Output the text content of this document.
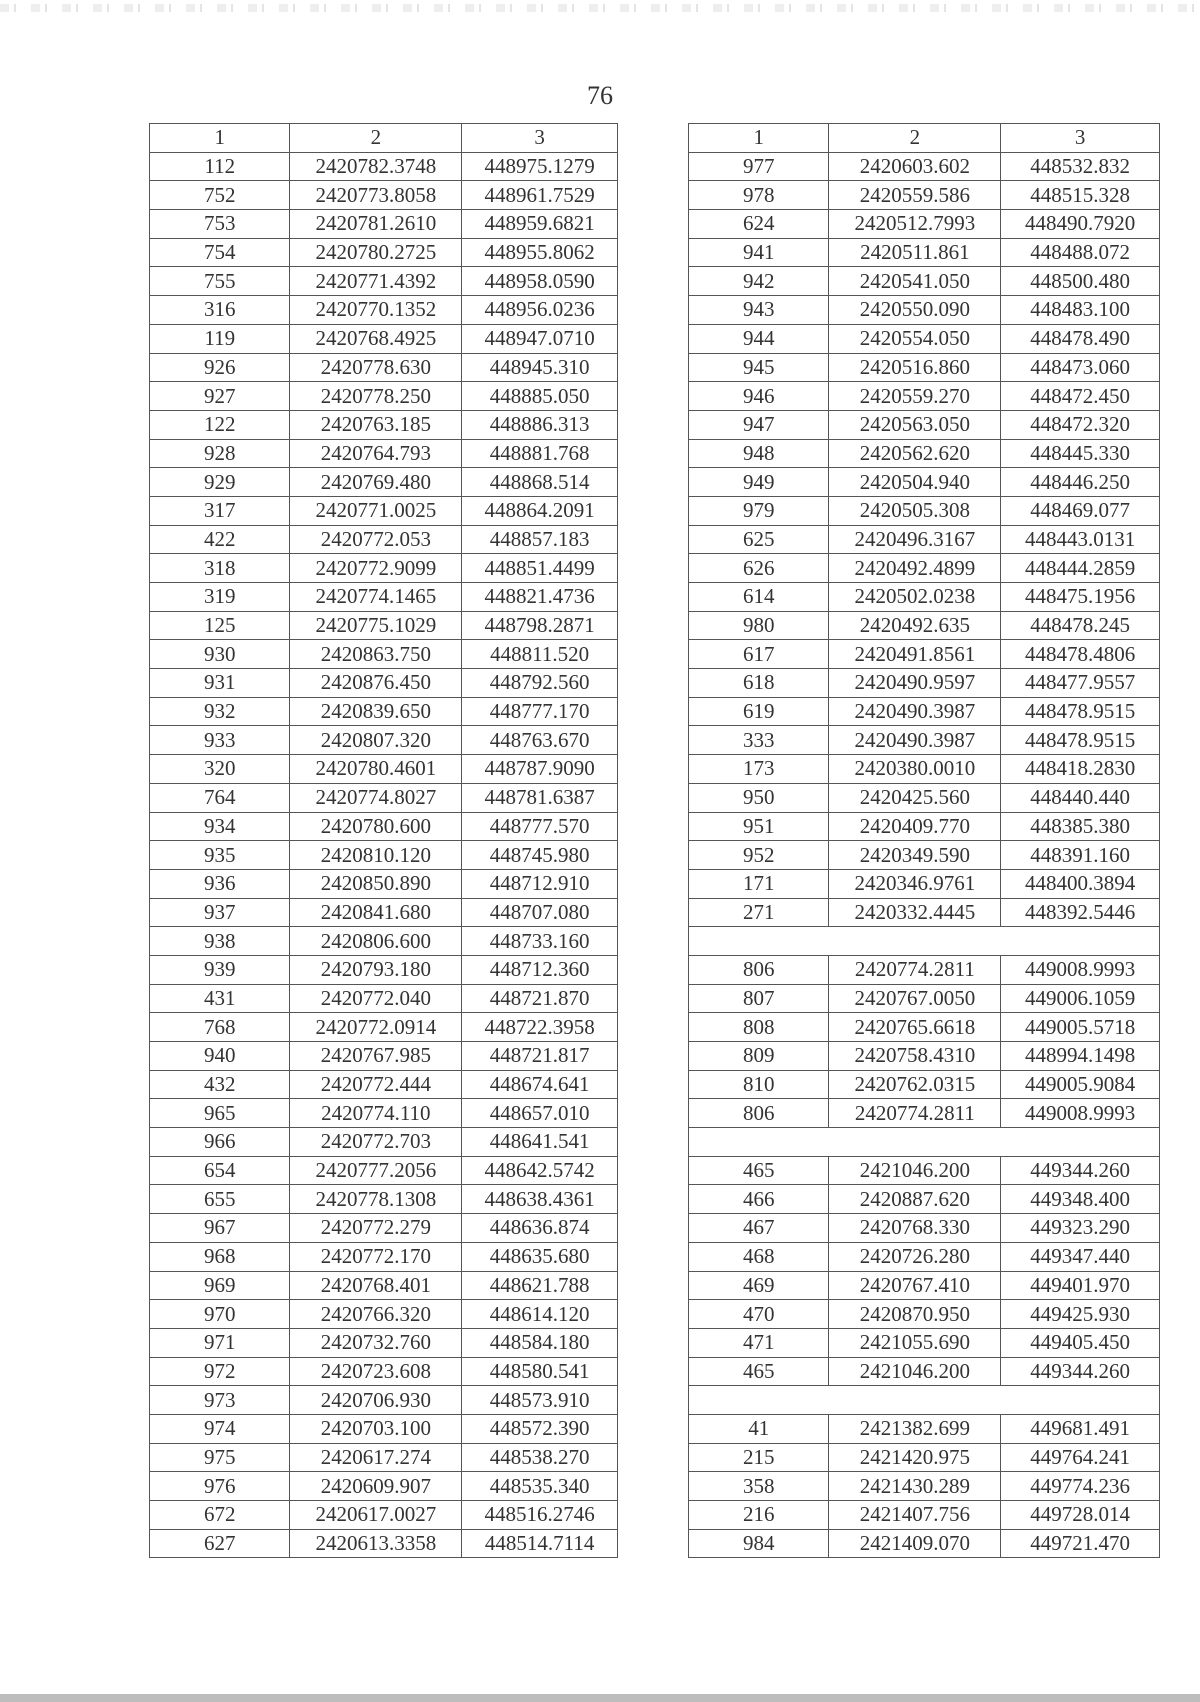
76
1	2	3
112	2420782.3748	448975.1279
752	2420773.8058	448961.7529
753	2420781.2610	448959.6821
754	2420780.2725	448955.8062
755	2420771.4392	448958.0590
316	2420770.1352	448956.0236
119	2420768.4925	448947.0710
926	2420778.630	448945.310
927	2420778.250	448885.050
122	2420763.185	448886.313
928	2420764.793	448881.768
929	2420769.480	448868.514
317	2420771.0025	448864.2091
422	2420772.053	448857.183
318	2420772.9099	448851.4499
319	2420774.1465	448821.4736
125	2420775.1029	448798.2871
930	2420863.750	448811.520
931	2420876.450	448792.560
932	2420839.650	448777.170
933	2420807.320	448763.670
320	2420780.4601	448787.9090
764	2420774.8027	448781.6387
934	2420780.600	448777.570
935	2420810.120	448745.980
936	2420850.890	448712.910
937	2420841.680	448707.080
938	2420806.600	448733.160
939	2420793.180	448712.360
431	2420772.040	448721.870
768	2420772.0914	448722.3958
940	2420767.985	448721.817
432	2420772.444	448674.641
965	2420774.110	448657.010
966	2420772.703	448641.541
654	2420777.2056	448642.5742
655	2420778.1308	448638.4361
967	2420772.279	448636.874
968	2420772.170	448635.680
969	2420768.401	448621.788
970	2420766.320	448614.120
971	2420732.760	448584.180
972	2420723.608	448580.541
973	2420706.930	448573.910
974	2420703.100	448572.390
975	2420617.274	448538.270
976	2420609.907	448535.340
672	2420617.0027	448516.2746
627	2420613.3358	448514.7114
1	2	3
977	2420603.602	448532.832
978	2420559.586	448515.328
624	2420512.7993	448490.7920
941	2420511.861	448488.072
942	2420541.050	448500.480
943	2420550.090	448483.100
944	2420554.050	448478.490
945	2420516.860	448473.060
946	2420559.270	448472.450
947	2420563.050	448472.320
948	2420562.620	448445.330
949	2420504.940	448446.250
979	2420505.308	448469.077
625	2420496.3167	448443.0131
626	2420492.4899	448444.2859
614	2420502.0238	448475.1956
980	2420492.635	448478.245
617	2420491.8561	448478.4806
618	2420490.9597	448477.9557
619	2420490.3987	448478.9515
333	2420490.3987	448478.9515
173	2420380.0010	448418.2830
950	2420425.560	448440.440
951	2420409.770	448385.380
952	2420349.590	448391.160
171	2420346.9761	448400.3894
271	2420332.4445	448392.5446

806	2420774.2811	449008.9993
807	2420767.0050	449006.1059
808	2420765.6618	449005.5718
809	2420758.4310	448994.1498
810	2420762.0315	449005.9084
806	2420774.2811	449008.9993

465	2421046.200	449344.260
466	2420887.620	449348.400
467	2420768.330	449323.290
468	2420726.280	449347.440
469	2420767.410	449401.970
470	2420870.950	449425.930
471	2421055.690	449405.450
465	2421046.200	449344.260

41	2421382.699	449681.491
215	2421420.975	449764.241
358	2421430.289	449774.236
216	2421407.756	449728.014
984	2421409.070	449721.470
